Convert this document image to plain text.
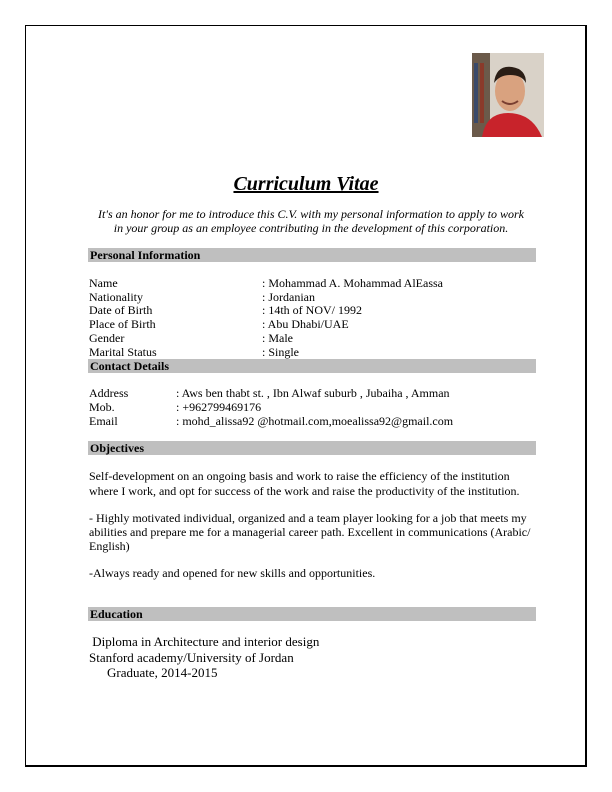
Curriculum Vitae
It's an honor for me to introduce this C.V. with my personal information to apply to work
in your group as an employee contributing in the development of this corporation.
Personal Information
Name	: Mohammad A. Mohammad AlEassa
Nationality	: Jordanian
Date of Birth	: 14th of NOV/ 1992
Place of Birth	: Abu Dhabi/UAE
Gender	: Male
Marital Status	: Single
Contact Details
Address	: Aws ben thabt st. , Ibn Alwaf suburb , Jubaiha , Amman
Mob.	: +962799469176
Email	: mohd_alissa92 @hotmail.com,moealissa92@gmail.com
Objectives
Self-development on an ongoing basis and work to raise the efficiency of the institution
where I work, and opt for success of the work and raise the productivity of the institution.
- Highly motivated individual, organized and a team player looking for a job that meets my
abilities and prepare me for a managerial career path. Excellent in communications (Arabic/
English)
-Always ready and opened for new skills and opportunities.
Education
Diploma in Architecture and interior design
Stanford academy/University of Jordan
Graduate, 2014-2015
